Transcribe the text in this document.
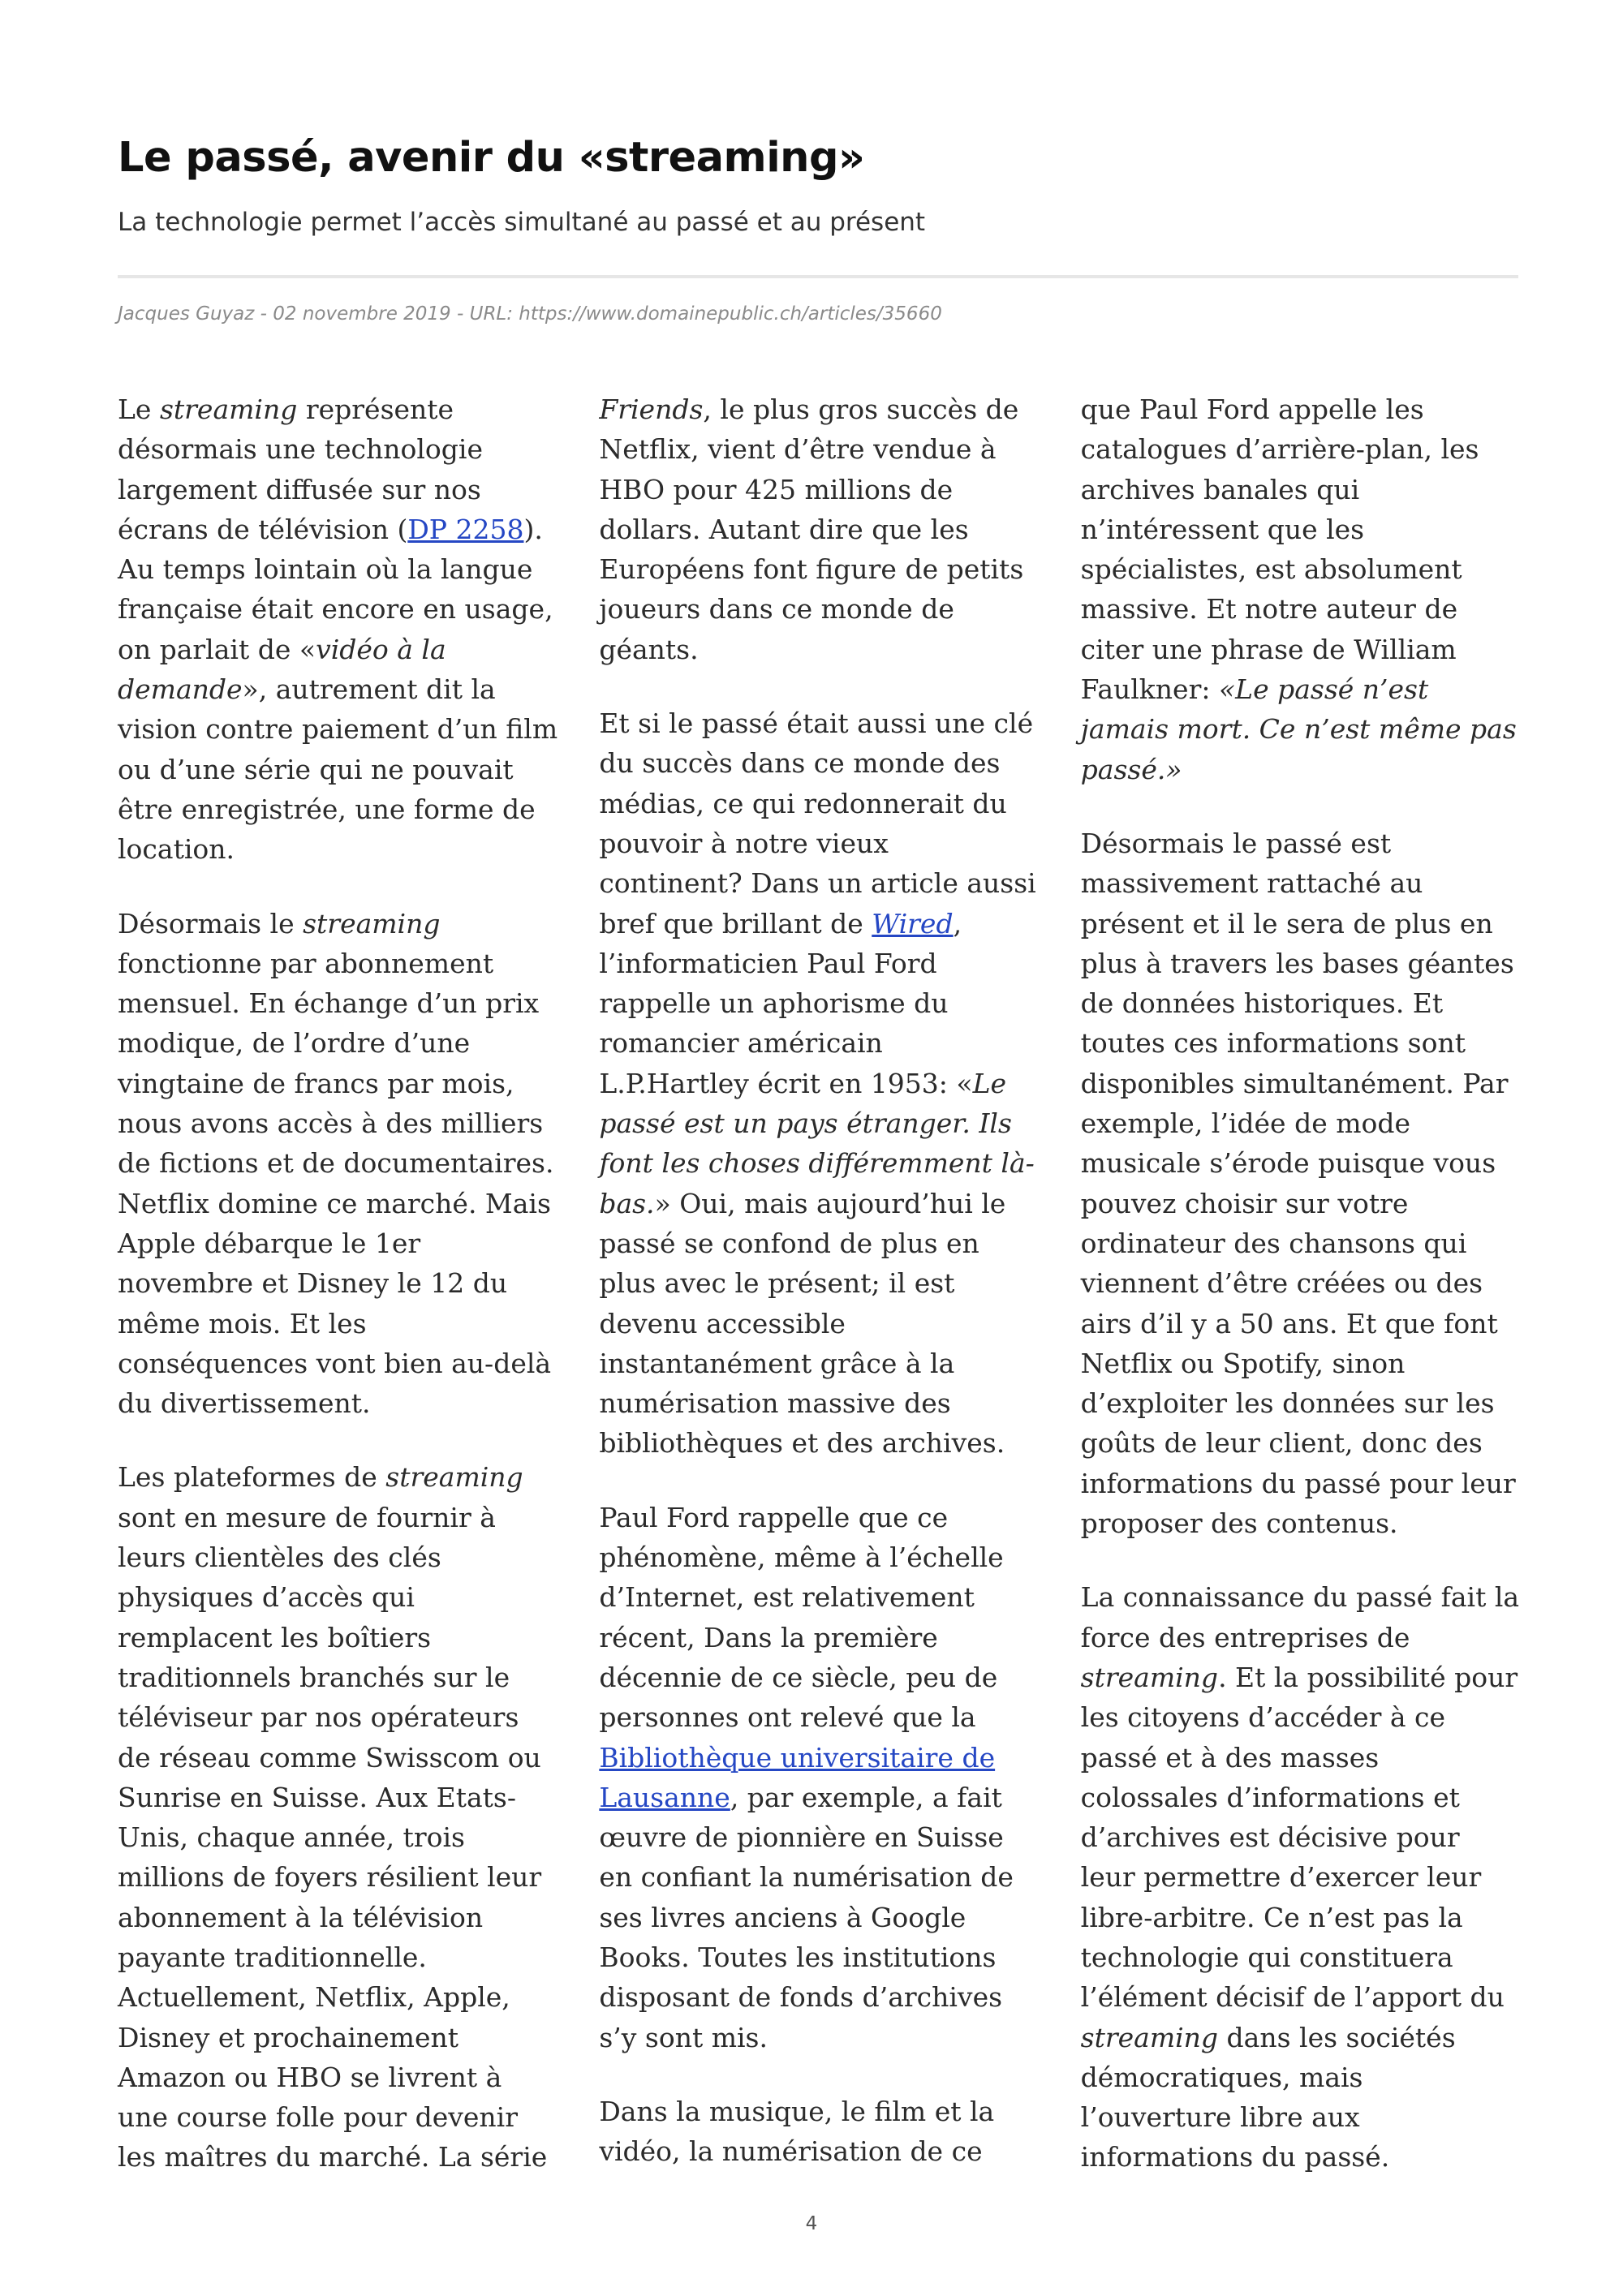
Le passé, avenir du «streaming»

La technologie permet l’accès simultané au passé et au présent

Jacques Guyaz - 02 novembre 2019 - URL: https://www.domainepublic.ch/articles/35660

Le streaming représente désormais une technologie largement diffusée sur nos écrans de télévision (DP 2258). Au temps lointain où la langue française était encore en usage, on parlait de «vidéo à la demande», autrement dit la vision contre paiement d’un film ou d’une série qui ne pouvait être enregistrée, une forme de location.

Désormais le streaming fonctionne par abonnement mensuel. En échange d’un prix modique, de l’ordre d’une vingtaine de francs par mois, nous avons accès à des milliers de fictions et de documentaires. Netflix domine ce marché. Mais Apple débarque le 1er novembre et Disney le 12 du même mois. Et les conséquences vont bien au-delà du divertissement.

Les plateformes de streaming sont en mesure de fournir à leurs clientèles des clés physiques d’accès qui remplacent les boîtiers traditionnels branchés sur le téléviseur par nos opérateurs de réseau comme Swisscom ou Sunrise en Suisse. Aux Etats-Unis, chaque année, trois millions de foyers résilient leur abonnement à la télévision payante traditionnelle. Actuellement, Netflix, Apple, Disney et prochainement Amazon ou HBO se livrent à une course folle pour devenir les maîtres du marché. La série Friends, le plus gros succès de Netflix, vient d’être vendue à HBO pour 425 millions de dollars. Autant dire que les Européens font figure de petits joueurs dans ce monde de géants.

Et si le passé était aussi une clé du succès dans ce monde des médias, ce qui redonnerait du pouvoir à notre vieux continent? Dans un article aussi bref que brillant de Wired, l’informaticien Paul Ford rappelle un aphorisme du romancier américain L.P.Hartley écrit en 1953: «Le passé est un pays étranger. Ils font les choses différemment là-bas.» Oui, mais aujourd’hui le passé se confond de plus en plus avec le présent; il est devenu accessible instantanément grâce à la numérisation massive des bibliothèques et des archives.

Paul Ford rappelle que ce phénomène, même à l’échelle d’Internet, est relativement récent, Dans la première décennie de ce siècle, peu de personnes ont relevé que la Bibliothèque universitaire de Lausanne, par exemple, a fait œuvre de pionnière en Suisse en confiant la numérisation de ses livres anciens à Google Books. Toutes les institutions disposant de fonds d’archives s’y sont mis.

Dans la musique, le film et la vidéo, la numérisation de ce que Paul Ford appelle les catalogues d’arrière-plan, les archives banales qui n’intéressent que les spécialistes, est absolument massive. Et notre auteur de citer une phrase de William Faulkner: «Le passé n’est jamais mort. Ce n’est même pas passé.»

Désormais le passé est massivement rattaché au présent et il le sera de plus en plus à travers les bases géantes de données historiques. Et toutes ces informations sont disponibles simultanément. Par exemple, l’idée de mode musicale s’érode puisque vous pouvez choisir sur votre ordinateur des chansons qui viennent d’être créées ou des airs d’il y a 50 ans. Et que font Netflix ou Spotify, sinon d’exploiter les données sur les goûts de leur client, donc des informations du passé pour leur proposer des contenus.

La connaissance du passé fait la force des entreprises de streaming. Et la possibilité pour les citoyens d’accéder à ce passé et à des masses colossales d’informations et d’archives est décisive pour leur permettre d’exercer leur libre-arbitre. Ce n’est pas la technologie qui constituera l’élément décisif de l’apport du streaming dans les sociétés démocratiques, mais l’ouverture libre aux informations du passé.

4
